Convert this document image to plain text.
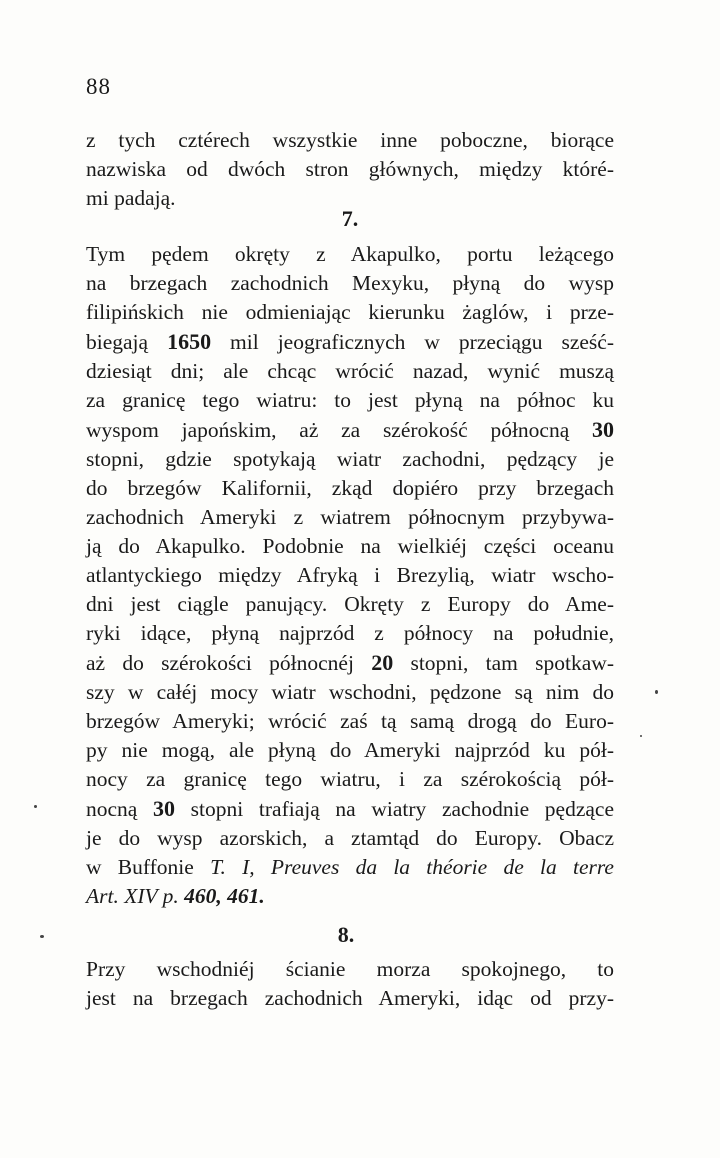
88
z tych cztérech wszystkie inne poboczne, biorące
nazwiska od dwóch stron głównych, między któré-
mi padają.
7.
Tym pędem okręty z Akapulko, portu leżącego
na brzegach zachodnich Mexyku, płyną do wysp
filipińskich nie odmieniając kierunku żaglów, i prze-
biegają 1650 mil jeograficznych w przeciągu sześć-
dziesiąt dni; ale chcąc wrócić nazad, wynić muszą
za granicę tego wiatru: to jest płyną na północ ku
wyspom japońskim, aż za szérokość północną 30
stopni, gdzie spotykają wiatr zachodni, pędzący je
do brzegów Kalifornii, zkąd dopiéro przy brzegach
zachodnich Ameryki z wiatrem północnym przybywa-
ją do Akapulko. Podobnie na wielkiéj części oceanu
atlantyckiego między Afryką i Brezylią, wiatr wscho-
dni jest ciągle panujący. Okręty z Europy do Ame-
ryki idące, płyną najprzód z północy na południe,
aż do szérokości północnéj 20 stopni, tam spotkaw-
szy w całéj mocy wiatr wschodni, pędzone są nim do
brzegów Ameryki; wrócić zaś tą samą drogą do Euro-
py nie mogą, ale płyną do Ameryki najprzód ku pół-
nocy za granicę tego wiatru, i za szérokością pół-
nocną 30 stopni trafiają na wiatry zachodnie pędzące
je do wysp azorskich, a ztamtąd do Europy. Obacz
w Buffonie T. I, Preuves da la théorie de la terre
Art. XIV p. 460, 461.
8.
Przy wschodniéj ścianie morza spokojnego, to
jest na brzegach zachodnich Ameryki, idąc od przy-
